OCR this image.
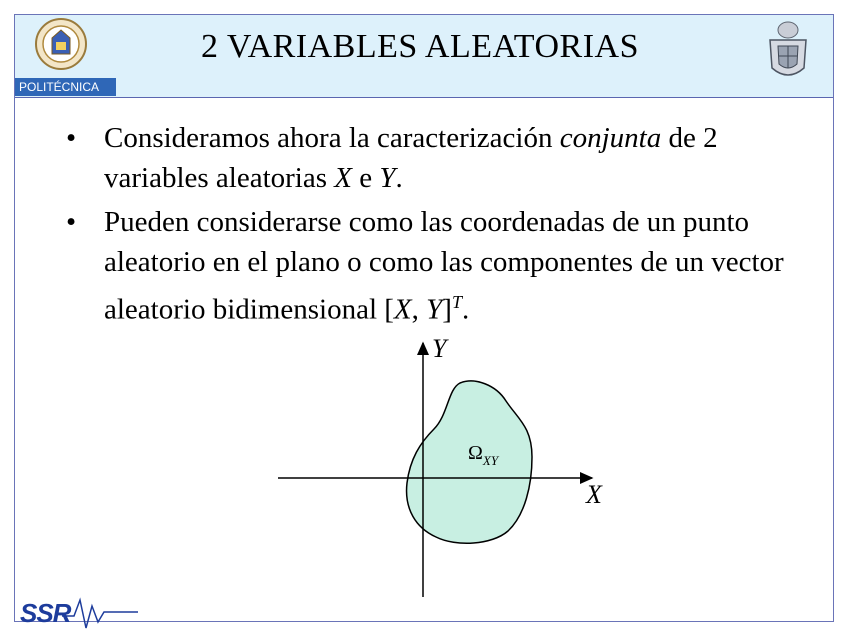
POLITÉCNICA
2 VARIABLES ALEATORIAS
• Consideramos ahora la caracterización conjunta de 2 variables aleatorias X e Y.
• Pueden considerarse como las coordenadas de un punto aleatorio en el plano o como las componentes de un vector aleatorio bidimensional [X, Y]$^T$.
X
Y
$\Omega_{XY}$
SSR
